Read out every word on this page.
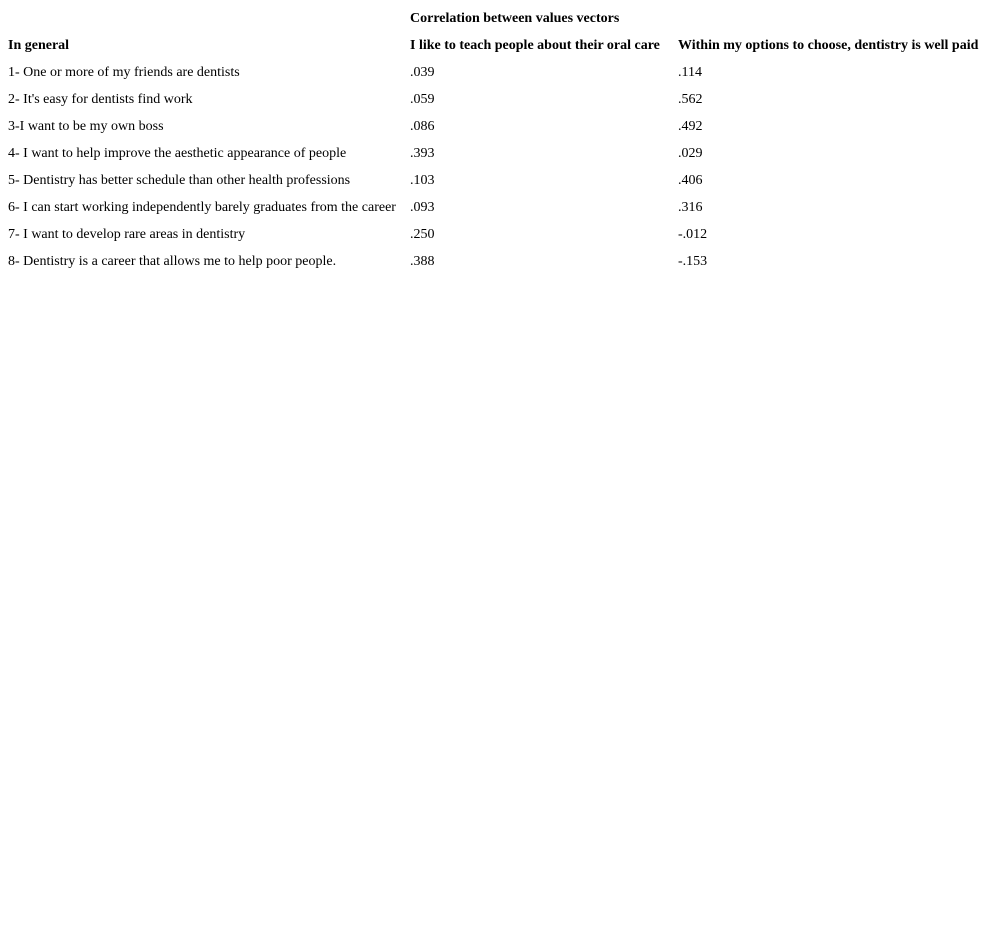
	Correlation between values vectors	
In general	I like to teach people about their oral care	Within my options to choose, dentistry is well paid
1- One or more of my friends are dentists	.039	.114
2- It's easy for dentists find work	.059	.562
3-I want to be my own boss	.086	.492
4- I want to help improve the aesthetic appearance of people	.393	.029
5- Dentistry has better schedule than other health professions	.103	.406
6- I can start working independently barely graduates from the career	.093	.316
7- I want to develop rare areas in dentistry	.250	-.012
8- Dentistry is a career that allows me to help poor people.	.388	-.153
